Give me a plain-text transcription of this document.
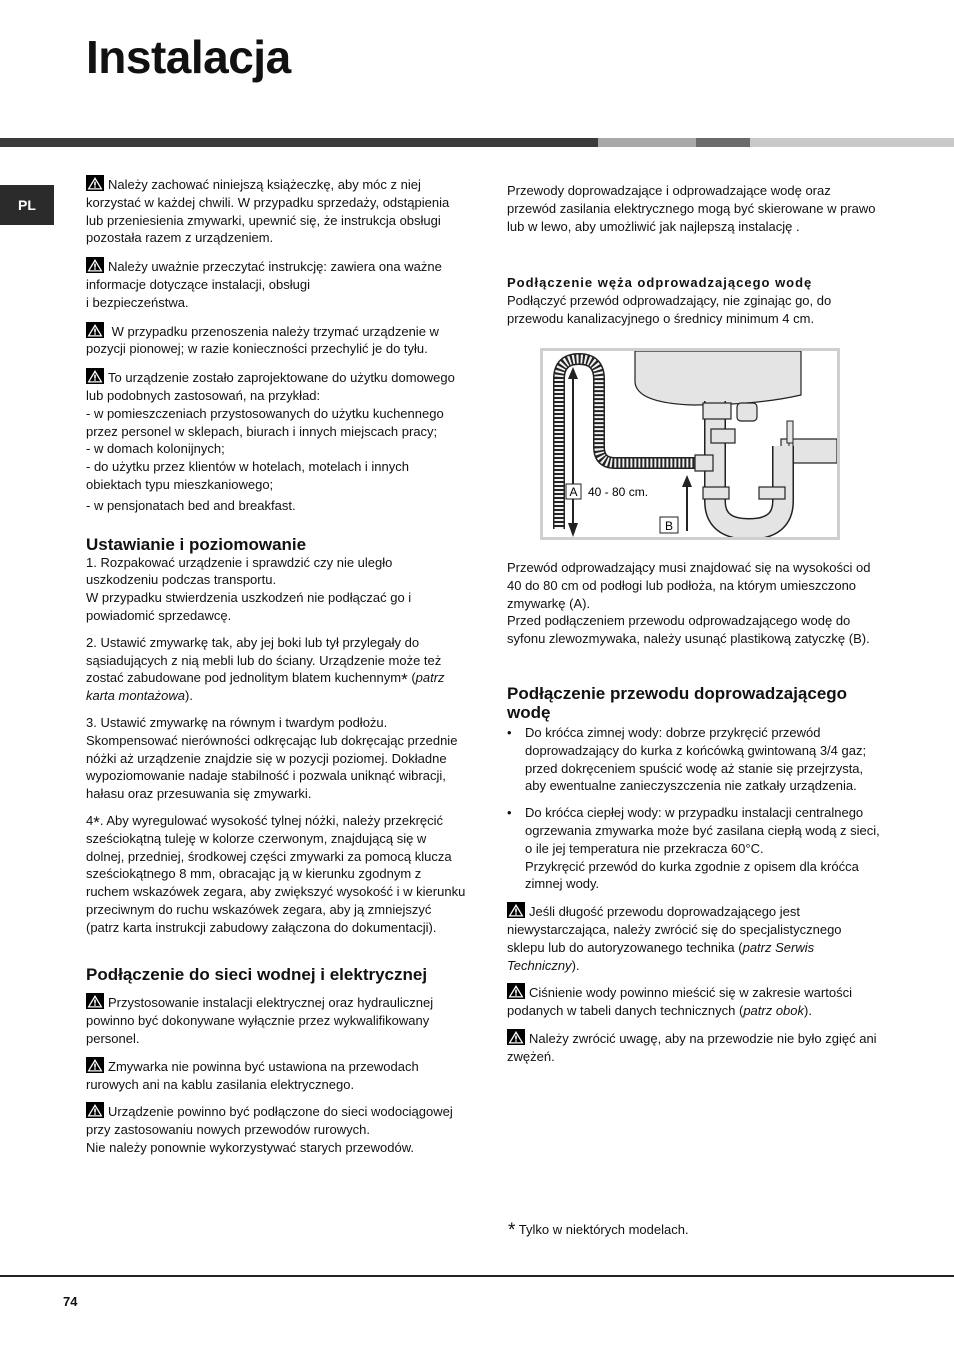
Instalacja
PL

Należy zachować niniejszą książeczkę, aby móc z niej korzystać w każdej chwili. W przypadku sprzedaży, odstąpienia lub przeniesienia zmywarki, upewnić się, że instrukcja obsługi pozostała razem z urządzeniem.

Należy uważnie przeczytać instrukcję: zawiera ona ważne informacje dotyczące instalacji, obsługi
i bezpieczeństwa.

W przypadku przenoszenia należy trzymać urządzenie w pozycji pionowej; w razie konieczności przechylić je do tyłu.

To urządzenie zostało zaprojektowane do użytku domowego lub podobnych zastosowań, na przykład:

- w pomieszczeniach przystosowanych do użytku kuchennego przez personel w sklepach, biurach i innych miejscach pracy;

- w domach kolonijnych;

- do użytku przez klientów w hotelach, motelach i innych obiektach typu mieszkaniowego;

- w pensjonatach bed and breakfast.

Ustawianie i poziomowanie

1. Rozpakować urządzenie i sprawdzić czy nie uległo uszkodzeniu podczas transportu.

W przypadku stwierdzenia uszkodzeń nie podłączać go i powiadomić sprzedawcę.

2. Ustawić zmywarkę tak, aby jej boki lub tył przylegały do sąsiadujących z nią mebli lub do ściany. Urządzenie może też zostać zabudowane pod jednolitym blatem kuchennym* (patrz karta montażowa).

3. Ustawić zmywarkę na równym i twardym podłożu. Skompensować nierówności odkręcając lub dokręcając przednie nóżki aż urządzenie znajdzie się w pozycji poziomej. Dokładne wypoziomowanie nadaje stabilność i pozwala uniknąć wibracji, hałasu oraz przesuwania się zmywarki.

4*. Aby wyregulować wysokość tylnej nóżki, należy przekręcić sześciokątną tuleję w kolorze czerwonym, znajdującą się w dolnej, przedniej, środkowej części zmywarki za pomocą klucza sześciokątnego 8 mm, obracając ją w kierunku zgodnym z ruchem wskazówek zegara, aby zwiększyć wysokość i w kierunku przeciwnym do ruchu wskazówek zegara, aby ją zmniejszyć (patrz karta instrukcji zabudowy załączona do dokumentacji).

Podłączenie do sieci wodnej i elektrycznej

Przystosowanie instalacji elektrycznej oraz hydraulicznej powinno być dokonywane wyłącznie przez wykwalifikowany personel.

Zmywarka nie powinna być ustawiona na przewodach rurowych ani na kablu zasilania elektrycznego.

Urządzenie powinno być podłączone do sieci wodociągowej przy zastosowaniu nowych przewodów rurowych.

Nie należy ponownie wykorzystywać starych przewodów.

Przewody doprowadzające i odprowadzające wodę oraz przewód zasilania elektrycznego mogą być skierowane w prawo lub w lewo, aby umożliwić jak najlepszą instalację .

Podłączenie węża odprowadzającego wodę

Podłączyć przewód odprowadzający, nie zginając go, do przewodu kanalizacyjnego o średnicy minimum 4 cm.

A 40 - 80 cm.
B

Przewód odprowadzający musi znajdować się na wysokości od 40 do 80 cm od podłogi lub podłoża, na którym umieszczono zmywarkę (A).

Przed podłączeniem przewodu odprowadzającego wodę do syfonu zlewozmywaka, należy usunąć plastikową zatyczkę (B).

Podłączenie przewodu doprowadzającego wodę
• Do króćca zimnej wody: dobrze przykręcić przewód doprowadzający do kurka z końcówką gwintowaną 3/4 gaz; przed dokręceniem spuścić wodę aż stanie się przejrzysta, aby ewentualne zanieczyszczenia nie zatkały urządzenia.
• Do króćca ciepłej wody: w przypadku instalacji centralnego ogrzewania zmywarka może być zasilana ciepłą wodą z sieci, o ile jej temperatura nie przekracza 60°C.
Przykręcić przewód do kurka zgodnie z opisem dla króćca zimnej wody.

Jeśli długość przewodu doprowadzającego jest niewystarczająca, należy zwrócić się do specjalistycznego sklepu lub do autoryzowanego technika (patrz Serwis Techniczny).

Ciśnienie wody powinno mieścić się w zakresie wartości podanych w tabeli danych technicznych (patrz obok).

Należy zwrócić uwagę, aby na przewodzie nie było zgięć ani zwężeń.

* Tylko w niektórych modelach.
74
